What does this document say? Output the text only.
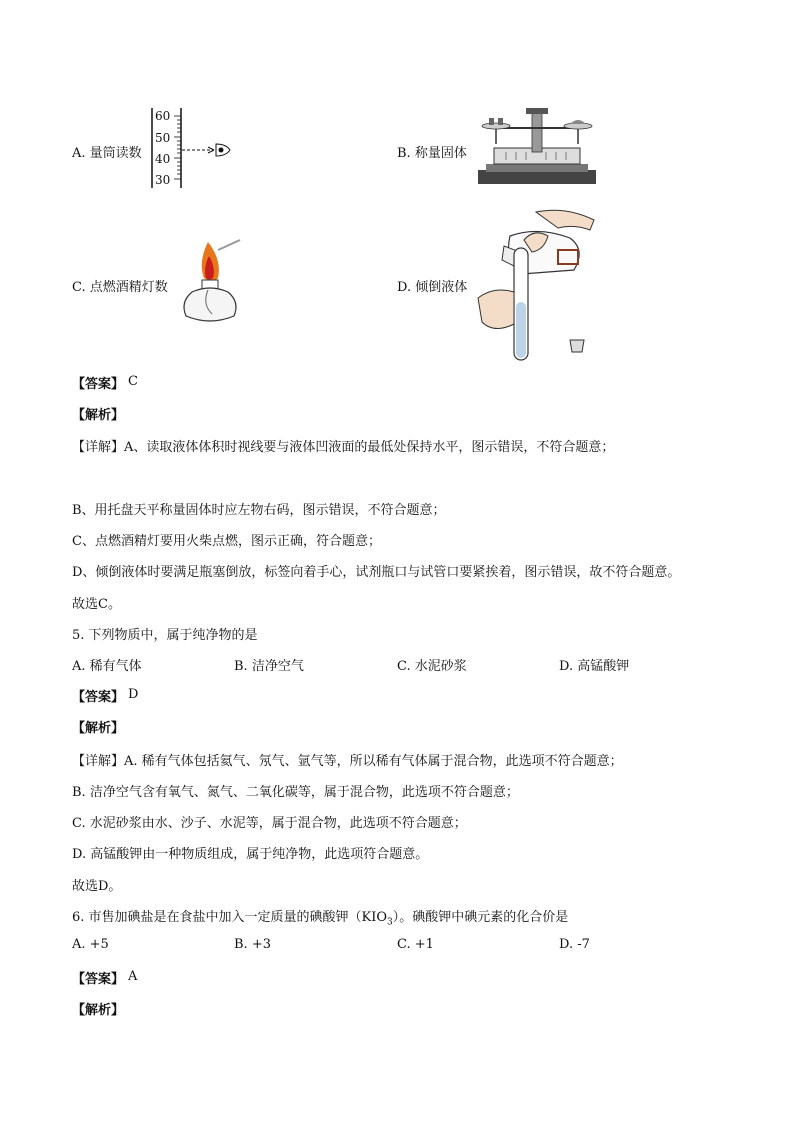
A. 量筒读数
60
50
40
30
B. 称量固体
C. 点燃酒精灯数	D. 倾倒液体
【答案】 C
【解析】
【详解】A、读取液体体积时视线要与液体凹液面的最低处保持水平，图示错误，不符合题意；
B、用托盘天平称量固体时应左物右码，图示错误，不符合题意；
C、点燃酒精灯要用火柴点燃，图示正确，符合题意；
D、倾倒液体时要满足瓶塞倒放，标签向着手心，试剂瓶口与试管口要紧挨着，图示错误，故不符合题意。
故选C。
5. 下列物质中，属于纯净物的是
A. 稀有气体	B. 洁净空气	C. 水泥砂浆	D. 高锰酸钾
【答案】 D
【解析】
【详解】A. 稀有气体包括氦气、氖气、氩气等，所以稀有气体属于混合物，此选项不符合题意；
B. 洁净空气含有氧气、氮气、二氧化碳等，属于混合物，此选项不符合题意；
C. 水泥砂浆由水、沙子、水泥等，属于混合物，此选项不符合题意；
D. 高锰酸钾由一种物质组成，属于纯净物，此选项符合题意。
故选D。
6. 市售加碘盐是在食盐中加入一定质量的碘酸钾$(KIO_3)$。碘酸钾中碘元素的化合价是
A. +5	B. +3	C. +1	D. -7
【答案】 A
【解析】
